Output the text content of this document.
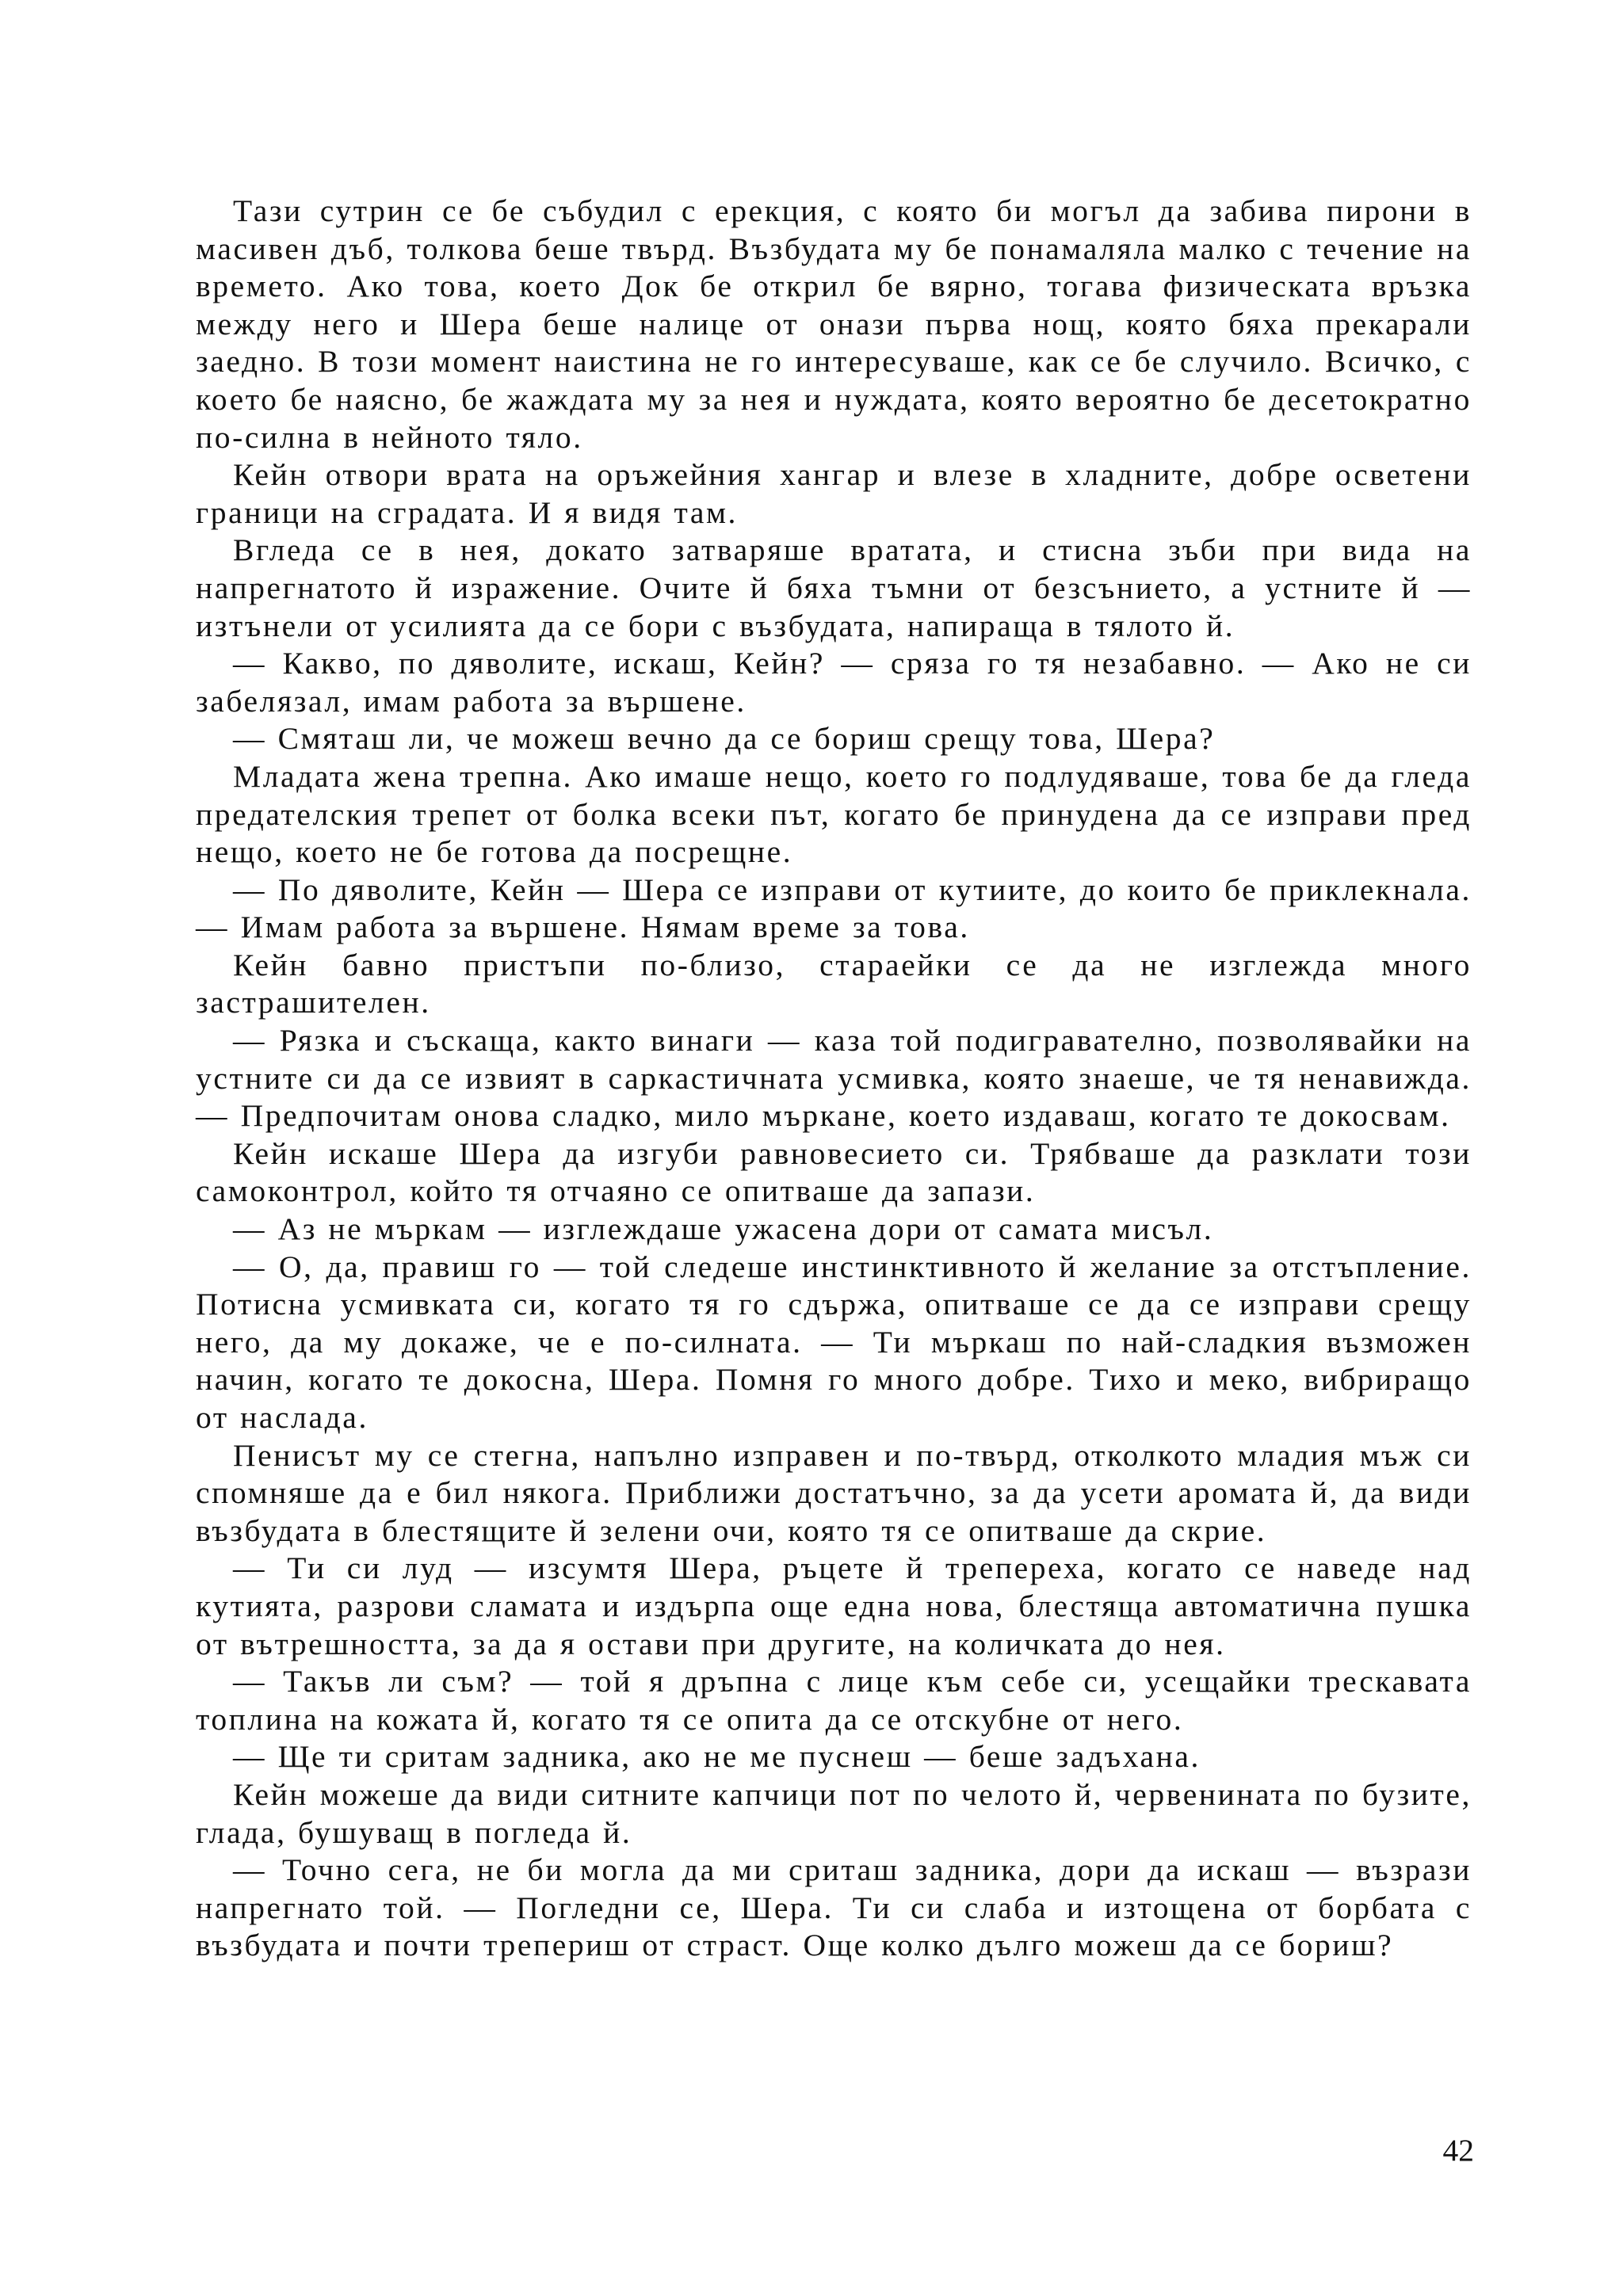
Тази сутрин се бе събудил с ерекция, с която би могъл да забива пирони в масивен дъб, толкова беше твърд. Възбудата му бе понамаляла малко с течение на времето. Ако това, което Док бе открил бе вярно, тогава физическата връзка между него и Шера беше налице от онази първа нощ, която бяха прекарали заедно. В този момент наистина не го интересуваше, как се бе случило. Всичко, с което бе наясно, бе жаждата му за нея и нуждата, която вероятно бе десетократно по-силна в нейното тяло.

Кейн отвори врата на оръжейния хангар и влезе в хладните, добре осветени граници на сградата. И я видя там.

Вгледа се в нея, докато затваряше вратата, и стисна зъби при вида на напрегнатото й изражение. Очите й бяха тъмни от безсънието, а устните й — изтънели от усилията да се бори с възбудата, напираща в тялото й.

— Какво, по дяволите, искаш, Кейн? — сряза го тя незабавно. — Ако не си забелязал, имам работа за вършене.

— Смяташ ли, че можеш вечно да се бориш срещу това, Шера?

Младата жена трепна. Ако имаше нещо, което го подлудяваше, това бе да гледа предателския трепет от болка всеки път, когато бе принудена да се изправи пред нещо, което не бе готова да посрещне.

— По дяволите, Кейн — Шера се изправи от кутиите, до които бе приклекнала. — Имам работа за вършене. Нямам време за това.

Кейн бавно пристъпи по-близо, стараейки се да не изглежда много застрашителен.

— Рязка и съскаща, както винаги — каза той подигравателно, позволявайки на устните си да се извият в саркастичната усмивка, която знаеше, че тя ненавижда. — Предпочитам онова сладко, мило мъркане, което издаваш, когато те докосвам.

Кейн искаше Шера да изгуби равновесието си. Трябваше да разклати този самоконтрол, който тя отчаяно се опитваше да запази.

— Аз не мъркам — изглеждаше ужасена дори от самата мисъл.

— О, да, правиш го — той следеше инстинктивното й желание за отстъпление. Потисна усмивката си, когато тя го сдържа, опитваше се да се изправи срещу него, да му докаже, че е по-силната. — Ти мъркаш по най-сладкия възможен начин, когато те докосна, Шера. Помня го много добре. Тихо и меко, вибриращо от наслада.

Пенисът му се стегна, напълно изправен и по-твърд, отколкото младия мъж си спомняше да е бил някога. Приближи достатъчно, за да усети аромата й, да види възбудата в блестящите й зелени очи, която тя се опитваше да скрие.

— Ти си луд — изсумтя Шера, ръцете й трепереха, когато се наведе над кутията, разрови сламата и издърпа още една нова, блестяща автоматична пушка от вътрешността, за да я остави при другите, на количката до нея.

— Такъв ли съм? — той я дръпна с лице към себе си, усещайки трескавата топлина на кожата й, когато тя се опита да се отскубне от него.

— Ще ти сритам задника, ако не ме пуснеш — беше задъхана.

Кейн можеше да види ситните капчици пот по челото й, червенината по бузите, глада, бушуващ в погледа й.

— Точно сега, не би могла да ми сриташ задника, дори да искаш — възрази напрегнато той. — Погледни се, Шера. Ти си слаба и изтощена от борбата с възбудата и почти трепериш от страст. Още колко дълго можеш да се бориш?

42
